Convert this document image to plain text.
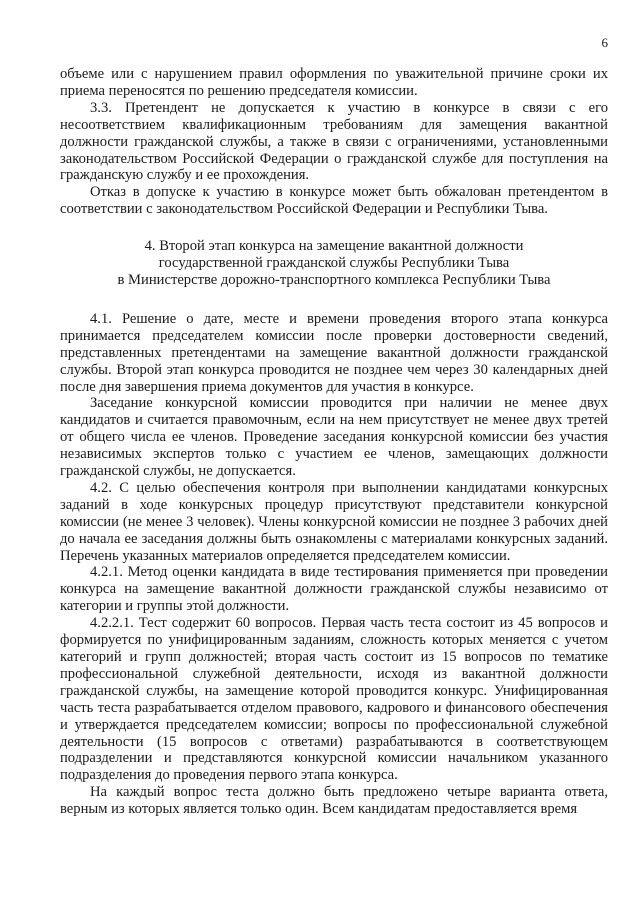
6

объеме или с нарушением правил оформления по уважительной причине сроки их приема переносятся по решению председателя комиссии.

3.3. Претендент не допускается к участию в конкурсе в связи с его несоответствием квалификационным требованиям для замещения вакантной должности гражданской службы, а также в связи с ограничениями, установленными законодательством Российской Федерации о гражданской службе для поступления на гражданскую службу и ее прохождения.

Отказ в допуске к участию в конкурсе может быть обжалован претендентом в соответствии с законодательством Российской Федерации и Республики Тыва.

4. Второй этап конкурса на замещение вакантной должности
государственной гражданской службы Республики Тыва
в Министерстве дорожно-транспортного комплекса Республики Тыва

4.1. Решение о дате, месте и времени проведения второго этапа конкурса принимается председателем комиссии после проверки достоверности сведений, представленных претендентами на замещение вакантной должности гражданской службы. Второй этап конкурса проводится не позднее чем через 30 календарных дней после дня завершения приема документов для участия в конкурсе.

Заседание конкурсной комиссии проводится при наличии не менее двух кандидатов и считается правомочным, если на нем присутствует не менее двух третей от общего числа ее членов. Проведение заседания конкурсной комиссии без участия независимых экспертов только с участием ее членов, замещающих должности гражданской службы, не допускается.

4.2. С целью обеспечения контроля при выполнении кандидатами конкурсных заданий в ходе конкурсных процедур присутствуют представители конкурсной комиссии (не менее 3 человек). Члены конкурсной комиссии не позднее 3 рабочих дней до начала ее заседания должны быть ознакомлены с материалами конкурсных заданий. Перечень указанных материалов определяется председателем комиссии.

4.2.1. Метод оценки кандидата в виде тестирования применяется при проведении конкурса на замещение вакантной должности гражданской службы независимо от категории и группы этой должности.

4.2.2.1. Тест содержит 60 вопросов. Первая часть теста состоит из 45 вопросов и формируется по унифицированным заданиям, сложность которых меняется с учетом категорий и групп должностей; вторая часть состоит из 15 вопросов по тематике профессиональной служебной деятельности, исходя из вакантной должности гражданской службы, на замещение которой проводится конкурс. Унифицированная часть теста разрабатывается отделом правового, кадрового и финансового обеспечения и утверждается председателем комиссии; вопросы по профессиональной служебной деятельности (15 вопросов с ответами) разрабатываются в соответствующем подразделении и представляются конкурсной комиссии начальником указанного подразделения до проведения первого этапа конкурса.

На каждый вопрос теста должно быть предложено четыре варианта ответа, верным из которых является только один. Всем кандидатам предоставляется время
